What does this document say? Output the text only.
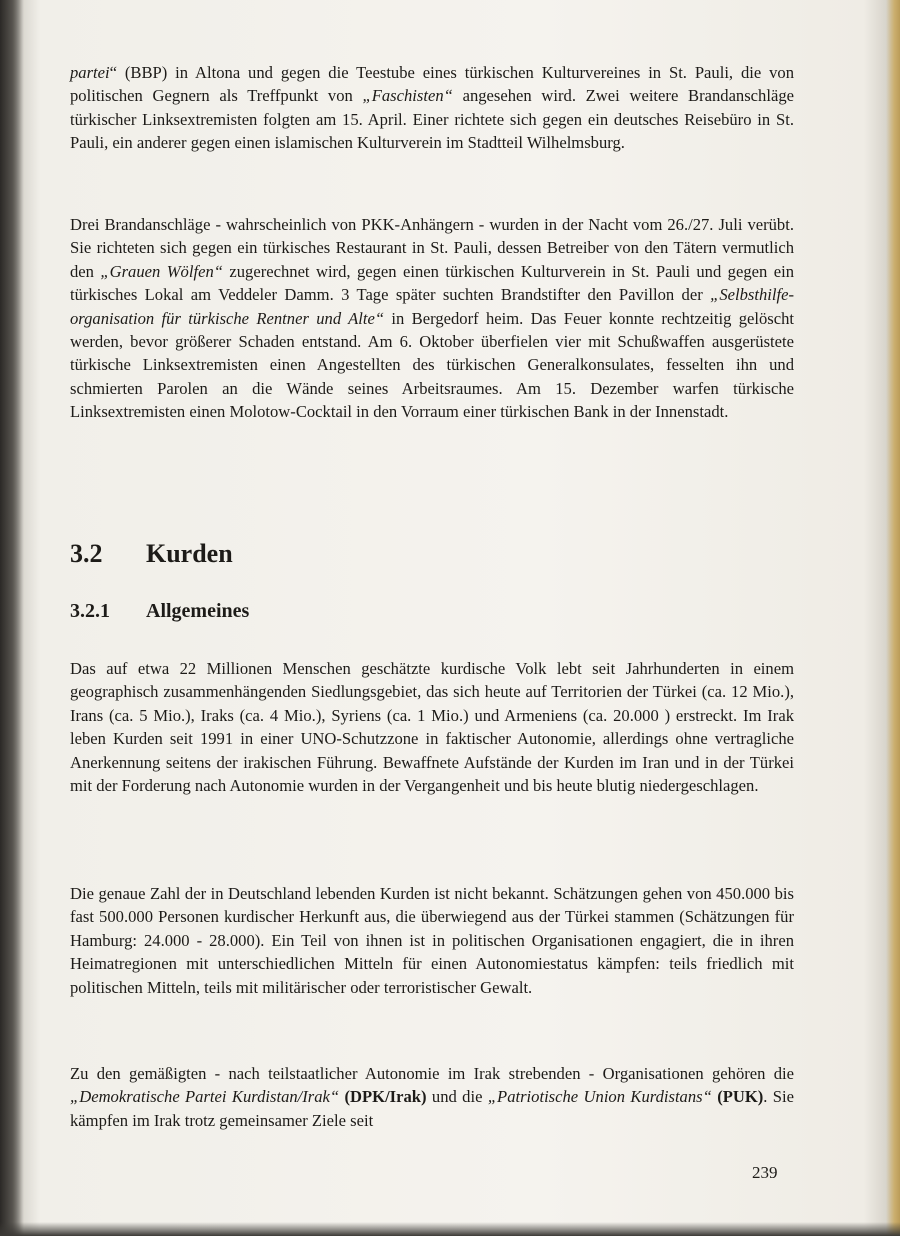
partei“ (BBP) in Altona und gegen die Teestube eines türkischen Kulturvereines in St. Pauli, die von politischen Gegnern als Treffpunkt von „Faschisten“ angesehen wird. Zwei weitere Brandanschläge türkischer Linksextremisten folgten am 15. April. Einer richtete sich gegen ein deutsches Reisebüro in St. Pauli, ein anderer gegen einen islamischen Kulturverein im Stadtteil Wilhelmsburg.
Drei Brandanschläge - wahrscheinlich von PKK-Anhängern - wurden in der Nacht vom 26./27. Juli verübt. Sie richteten sich gegen ein türkisches Restaurant in St. Pauli, dessen Betreiber von den Tätern vermutlich den „Grauen Wölfen“ zugerechnet wird, gegen einen türkischen Kulturverein in St. Pauli und gegen ein türkisches Lokal am Veddeler Damm. 3 Tage später suchten Brandstifter den Pavillon der „Selbsthilfeorganisation für türkische Rentner und Alte“ in Bergedorf heim. Das Feuer konnte rechtzeitig gelöscht werden, bevor größerer Schaden entstand. Am 6. Oktober überfielen vier mit Schußwaffen ausgerüstete türkische Linksextremisten einen Angestellten des türkischen Generalkonsulates, fesselten ihn und schmierten Parolen an die Wände seines Arbeitsraumes. Am 15. Dezember warfen türkische Linksextremisten einen Molotow-Cocktail in den Vorraum einer türkischen Bank in der Innenstadt.
3.2 Kurden
3.2.1 Allgemeines
Das auf etwa 22 Millionen Menschen geschätzte kurdische Volk lebt seit Jahrhunderten in einem geographisch zusammenhängenden Siedlungsgebiet, das sich heute auf Territorien der Türkei (ca. 12 Mio.), Irans (ca. 5 Mio.), Iraks (ca. 4 Mio.), Syriens (ca. 1 Mio.) und Armeniens (ca. 20.000 ) erstreckt. Im Irak leben Kurden seit 1991 in einer UNO-Schutzzone in faktischer Autonomie, allerdings ohne vertragliche Anerkennung seitens der irakischen Führung. Bewaffnete Aufstände der Kurden im Iran und in der Türkei mit der Forderung nach Autonomie wurden in der Vergangenheit und bis heute blutig niedergeschlagen.
Die genaue Zahl der in Deutschland lebenden Kurden ist nicht bekannt. Schätzungen gehen von 450.000 bis fast 500.000 Personen kurdischer Herkunft aus, die überwiegend aus der Türkei stammen (Schätzungen für Hamburg: 24.000 - 28.000). Ein Teil von ihnen ist in politischen Organisationen engagiert, die in ihren Heimatregionen mit unterschiedlichen Mitteln für einen Autonomiestatus kämpfen: teils friedlich mit politischen Mitteln, teils mit militärischer oder terroristischer Gewalt.
Zu den gemäßigten - nach teilstaatlicher Autonomie im Irak strebenden - Organisationen gehören die „Demokratische Partei Kurdistan/Irak“ (DPK/Irak) und die „Patriotische Union Kurdistans“ (PUK). Sie kämpfen im Irak trotz gemeinsamer Ziele seit
239
